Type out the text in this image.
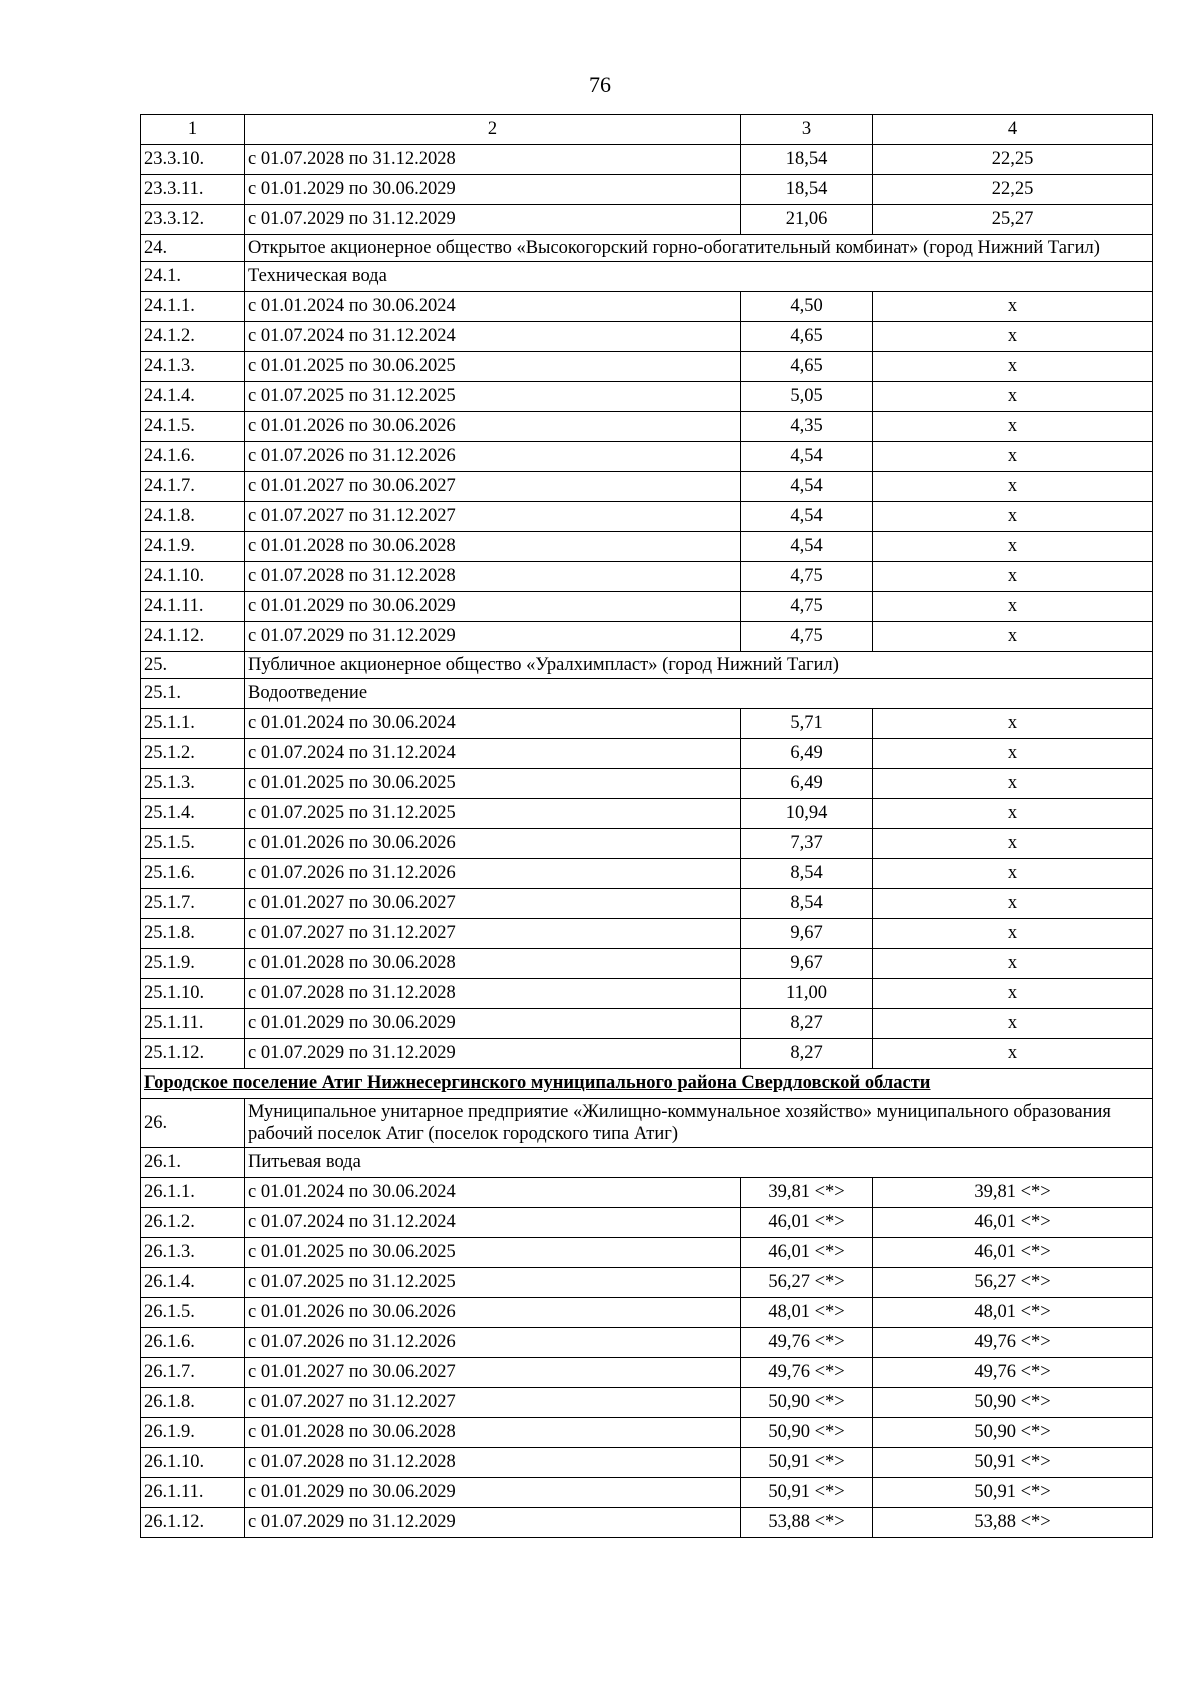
76
1	2	3	4
23.3.10.	с 01.07.2028 по 31.12.2028	18,54	22,25
23.3.11.	с 01.01.2029 по 30.06.2029	18,54	22,25
23.3.12.	с 01.07.2029 по 31.12.2029	21,06	25,27
24.	Открытое акционерное общество «Высокогорский горно-обогатительный комбинат» (город Нижний Тагил)		
24.1.	Техническая вода		
24.1.1.	с 01.01.2024 по 30.06.2024	4,50	х
24.1.2.	с 01.07.2024 по 31.12.2024	4,65	х
24.1.3.	с 01.01.2025 по 30.06.2025	4,65	х
24.1.4.	с 01.07.2025 по 31.12.2025	5,05	х
24.1.5.	с 01.01.2026 по 30.06.2026	4,35	х
24.1.6.	с 01.07.2026 по 31.12.2026	4,54	х
24.1.7.	с 01.01.2027 по 30.06.2027	4,54	х
24.1.8.	с 01.07.2027 по 31.12.2027	4,54	х
24.1.9.	с 01.01.2028 по 30.06.2028	4,54	х
24.1.10.	с 01.07.2028 по 31.12.2028	4,75	х
24.1.11.	с 01.01.2029 по 30.06.2029	4,75	х
24.1.12.	с 01.07.2029 по 31.12.2029	4,75	х
25.	Публичное акционерное общество «Уралхимпласт» (город Нижний Тагил)		
25.1.	Водоотведение		
25.1.1.	с 01.01.2024 по 30.06.2024	5,71	х
25.1.2.	с 01.07.2024 по 31.12.2024	6,49	х
25.1.3.	с 01.01.2025 по 30.06.2025	6,49	х
25.1.4.	с 01.07.2025 по 31.12.2025	10,94	х
25.1.5.	с 01.01.2026 по 30.06.2026	7,37	х
25.1.6.	с 01.07.2026 по 31.12.2026	8,54	х
25.1.7.	с 01.01.2027 по 30.06.2027	8,54	х
25.1.8.	с 01.07.2027 по 31.12.2027	9,67	х
25.1.9.	с 01.01.2028 по 30.06.2028	9,67	х
25.1.10.	с 01.07.2028 по 31.12.2028	11,00	х
25.1.11.	с 01.01.2029 по 30.06.2029	8,27	х
25.1.12.	с 01.07.2029 по 31.12.2029	8,27	х
Городское поселение Атиг Нижнесергинского муниципального района Свердловской области			
26.	Муниципальное унитарное предприятие «Жилищно-коммунальное хозяйство» муниципального образования рабочий поселок Атиг (поселок городского типа Атиг)		
26.1.	Питьевая вода		
26.1.1.	с 01.01.2024 по 30.06.2024	39,81 <*>	39,81 <*>
26.1.2.	с 01.07.2024 по 31.12.2024	46,01 <*>	46,01 <*>
26.1.3.	с 01.01.2025 по 30.06.2025	46,01 <*>	46,01 <*>
26.1.4.	с 01.07.2025 по 31.12.2025	56,27 <*>	56,27 <*>
26.1.5.	с 01.01.2026 по 30.06.2026	48,01 <*>	48,01 <*>
26.1.6.	с 01.07.2026 по 31.12.2026	49,76 <*>	49,76 <*>
26.1.7.	с 01.01.2027 по 30.06.2027	49,76 <*>	49,76 <*>
26.1.8.	с 01.07.2027 по 31.12.2027	50,90 <*>	50,90 <*>
26.1.9.	с 01.01.2028 по 30.06.2028	50,90 <*>	50,90 <*>
26.1.10.	с 01.07.2028 по 31.12.2028	50,91 <*>	50,91 <*>
26.1.11.	с 01.01.2029 по 30.06.2029	50,91 <*>	50,91 <*>
26.1.12.	с 01.07.2029 по 31.12.2029	53,88 <*>	53,88 <*>
